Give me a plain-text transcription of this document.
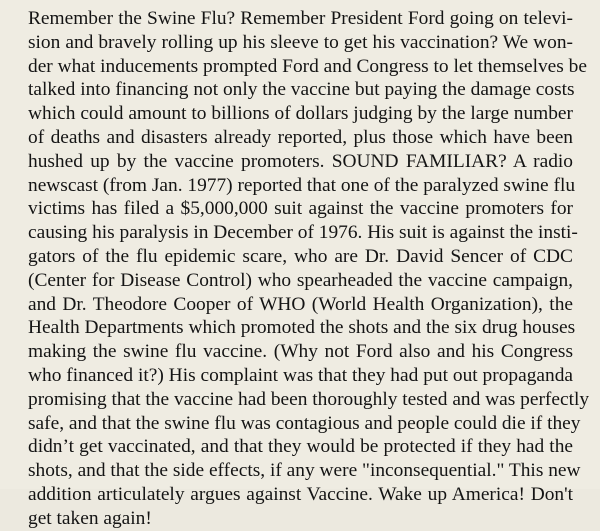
Remember the Swine Flu? Remember President Ford going on televi-
sion and bravely rolling up his sleeve to get his vaccination? We won-
der what inducements prompted Ford and Congress to let themselves be
talked into financing not only the vaccine but paying the damage costs
which could amount to billions of dollars judging by the large number
of deaths and disasters already reported, plus those which have been
hushed up by the vaccine promoters. SOUND FAMILIAR? A radio
newscast (from Jan. 1977) reported that one of the paralyzed swine flu
victims has filed a $5,000,000 suit against the vaccine promoters for
causing his paralysis in December of 1976. His suit is against the insti-
gators of the flu epidemic scare, who are Dr. David Sencer of CDC
(Center for Disease Control) who spearheaded the vaccine campaign,
and Dr. Theodore Cooper of WHO (World Health Organization), the
Health Departments which promoted the shots and the six drug houses
making the swine flu vaccine. (Why not Ford also and his Congress
who financed it?) His complaint was that they had put out propaganda
promising that the vaccine had been thoroughly tested and was perfectly
safe, and that the swine flu was contagious and people could die if they
didn’t get vaccinated, and that they would be protected if they had the
shots, and that the side effects, if any were "inconsequential." This new
addition articulately argues against Vaccine. Wake up America! Don't
get taken again!
